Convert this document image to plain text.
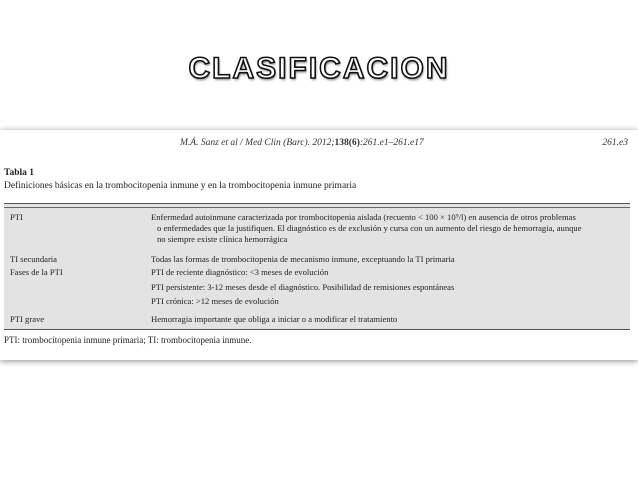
CLASIFICACION
M.Á. Sanz et al / Med Clin (Barc). 2012;138(6):261.e1–261.e17	261.e3
Tabla 1
Definiciones básicas en la trombocitopenia inmune y en la trombocitopenia inmune primaria
PTI	Enfermedad autoinmune caracterizada por trombocitopenia aislada (recuento < 100 × 10⁹/l) en ausencia de otros problemas
o enfermedades que la justifiquen. El diagnóstico es de exclusión y cursa con un aumento del riesgo de hemorragia, aunque
no siempre existe clínica hemorrágica
TI secundaria	Todas las formas de trombocitopenia de mecanismo inmune, exceptuando la TI primaria
Fases de la PTI	PTI de reciente diagnóstico: <3 meses de evolución
PTI persistente: 3-12 meses desde el diagnóstico. Posibilidad de remisiones espontáneas
PTI crónica: >12 meses de evolución
PTI grave	Hemorragia importante que obliga a iniciar o a modificar el tratamiento
PTI: trombocitopenia inmune primaria; TI: trombocitopenia inmune.
